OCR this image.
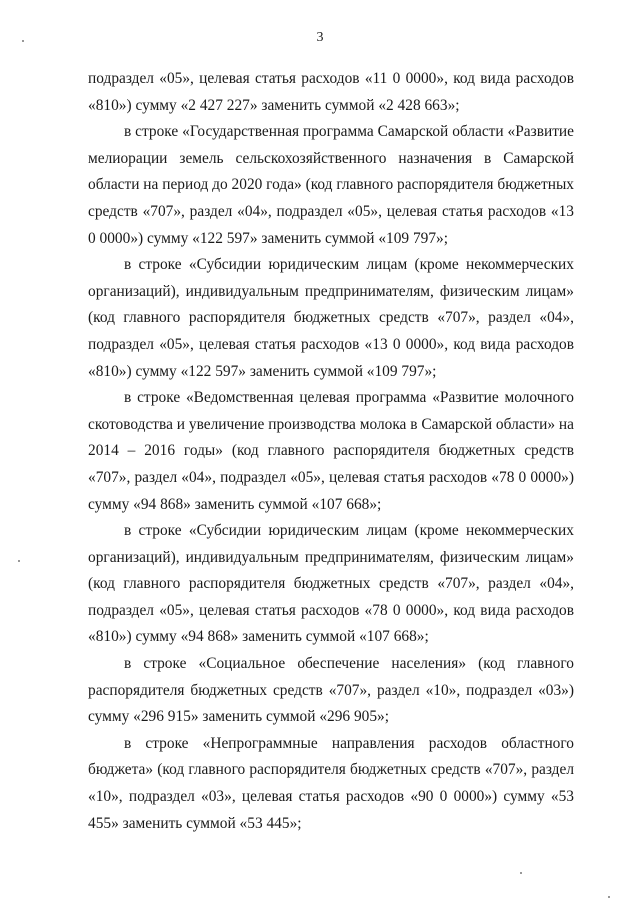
3

подраздел «05», целевая статья расходов «11 0 0000», код вида расходов «810») сумму «2 427 227» заменить суммой «2 428 663»;

в строке «Государственная программа Самарской области «Развитие мелиорации земель сельскохозяйственного назначения в Самарской области на период до 2020 года» (код главного распорядителя бюджетных средств «707», раздел «04», подраздел «05», целевая статья расходов «13 0 0000») сумму «122 597» заменить суммой «109 797»;

в строке «Субсидии юридическим лицам (кроме некоммерческих организаций), индивидуальным предпринимателям, физическим лицам» (код главного распорядителя бюджетных средств «707», раздел «04», подраздел «05», целевая статья расходов «13 0 0000», код вида расходов «810») сумму «122 597» заменить суммой «109 797»;

в строке «Ведомственная целевая программа «Развитие молочного скотоводства и увеличение производства молока в Самарской области» на 2014 – 2016 годы» (код главного распорядителя бюджетных средств «707», раздел «04», подраздел «05», целевая статья расходов «78 0 0000») сумму «94 868» заменить суммой «107 668»;

в строке «Субсидии юридическим лицам (кроме некоммерческих организаций), индивидуальным предпринимателям, физическим лицам» (код главного распорядителя бюджетных средств «707», раздел «04», подраздел «05», целевая статья расходов «78 0 0000», код вида расходов «810») сумму «94 868» заменить суммой «107 668»;

в строке «Социальное обеспечение населения» (код главного распорядителя бюджетных средств «707», раздел «10», подраздел «03») сумму «296 915» заменить суммой «296 905»;

в строке «Непрограммные направления расходов областного бюджета» (код главного распорядителя бюджетных средств «707», раздел «10», подраздел «03», целевая статья расходов «90 0 0000») сумму «53 455» заменить суммой «53 445»;
